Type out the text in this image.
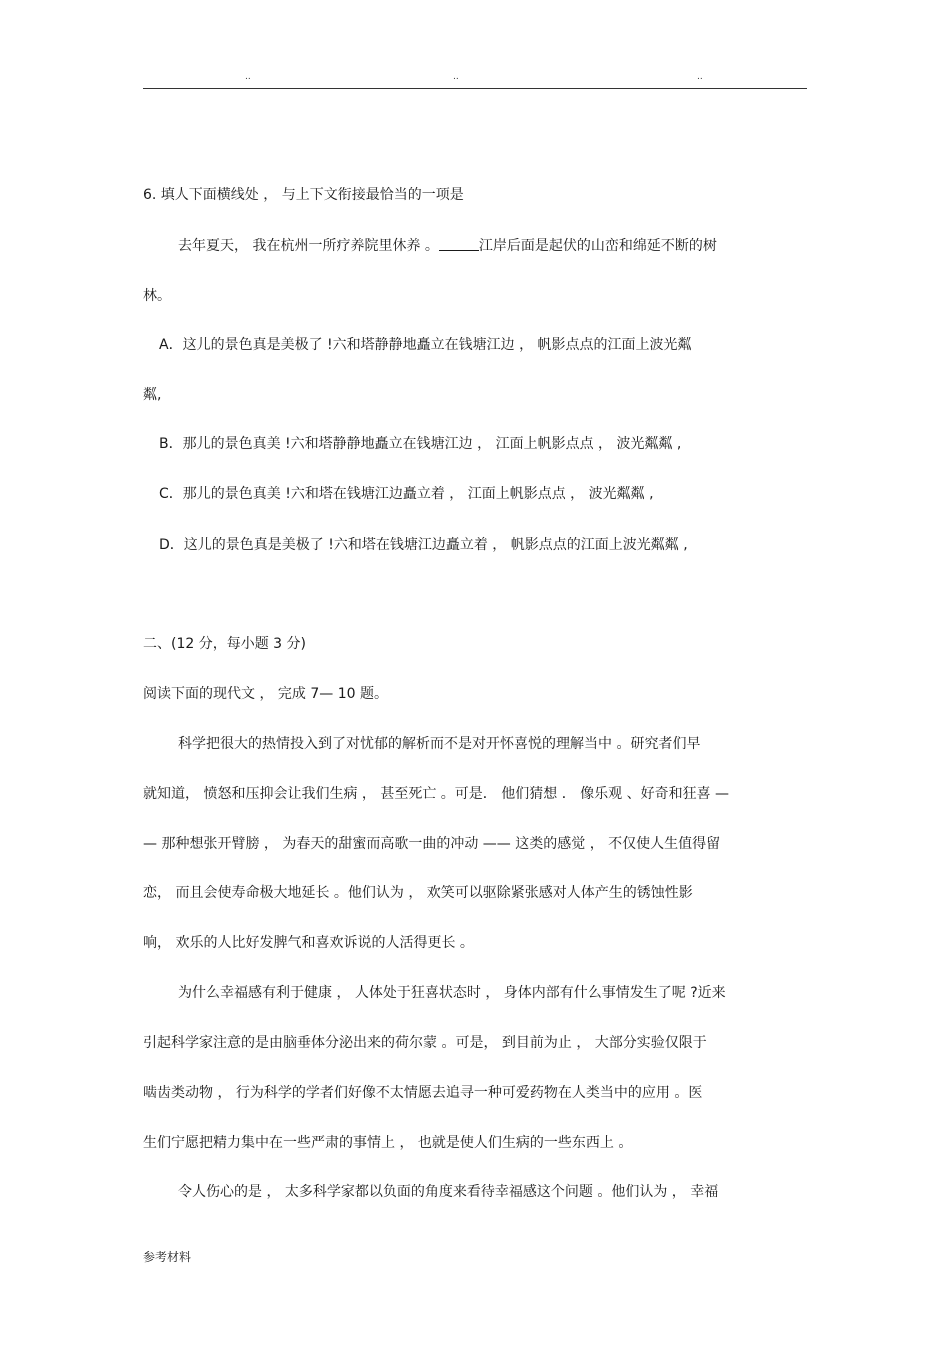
..	..	..
6. 填人下面横线处 ， 与上下文衔接最恰当的一项是
去年夏天， 我在杭州一所疗养院里休养 。	江岸后面是起伏的山峦和绵延不断的树
林。
A．这儿的景色真是美极了 !六和塔静静地矗立在钱塘江边 ， 帆影点点的江面上波光粼
粼,
B．那儿的景色真美 !六和塔静静地矗立在钱塘江边 ， 江面上帆影点点 ， 波光粼粼 ,
C．那儿的景色真美 !六和塔在钱塘江边矗立着 ， 江面上帆影点点 ， 波光粼粼 ,
D．这儿的景色真是美极了 !六和塔在钱塘江边矗立着 ， 帆影点点的江面上波光粼粼 ,
二、(12 分，每小题 3 分)
阅读下面的现代文 ， 完成 7— 10 题。
科学把很大的热情投入到了对忧郁的解析而不是对开怀喜悦的理解当中 。研究者们早
就知道， 愤怒和压抑会让我们生病 ， 甚至死亡 。可是． 他们猜想 ． 像乐观 、好奇和狂喜 —
— 那种想张开臂膀 ， 为春天的甜蜜而高歌一曲的冲动 —— 这类的感觉 ， 不仅使人生值得留
恋， 而且会使寿命极大地延长 。他们认为 ， 欢笑可以驱除紧张感对人体产生的锈蚀性影
响， 欢乐的人比好发脾气和喜欢诉说的人活得更长 。
为什么幸福感有利于健康 ， 人体处于狂喜状态时 ， 身体内部有什么事情发生了呢 ?近来
引起科学家注意的是由脑垂体分泌出来的荷尔蒙 。可是， 到目前为止 ， 大部分实验仅限于
啮齿类动物 ， 行为科学的学者们好像不太情愿去追寻一种可爱药物在人类当中的应用 。医
生们宁愿把精力集中在一些严肃的事情上 ， 也就是使人们生病的一些东西上 。
令人伤心的是 ， 太多科学家都以负面的角度来看待幸福感这个问题 。他们认为 ， 幸福
参考材料
